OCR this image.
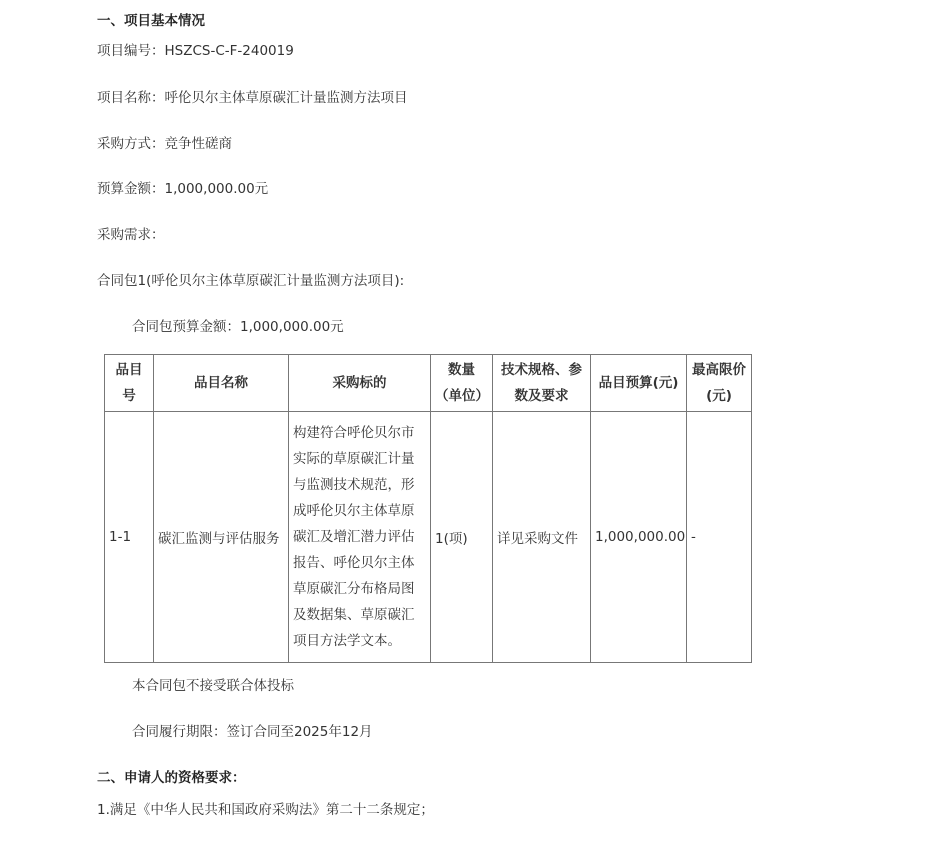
一、项目基本情况
项目编号：HSZCS-C-F-240019
项目名称：呼伦贝尔主体草原碳汇计量监测方法项目
采购方式：竞争性磋商
预算金额：1,000,000.00元
采购需求：
合同包1(呼伦贝尔主体草原碳汇计量监测方法项目):
合同包预算金额：1,000,000.00元
品目号	品目名称	采购标的	数量（单位）	技术规格、参数及要求	品目预算(元)	最高限价(元)
1-1	碳汇监测与评估服务	构建符合呼伦贝尔市实际的草原碳汇计量与监测技术规范，形成呼伦贝尔主体草原碳汇及增汇潜力评估报告、呼伦贝尔主体草原碳汇分布格局图及数据集、草原碳汇项目方法学文本。	1(项)	详见采购文件	1,000,000.00	-
本合同包不接受联合体投标
合同履行期限：签订合同至2025年12月
二、申请人的资格要求：
1.满足《中华人民共和国政府采购法》第二十二条规定；
